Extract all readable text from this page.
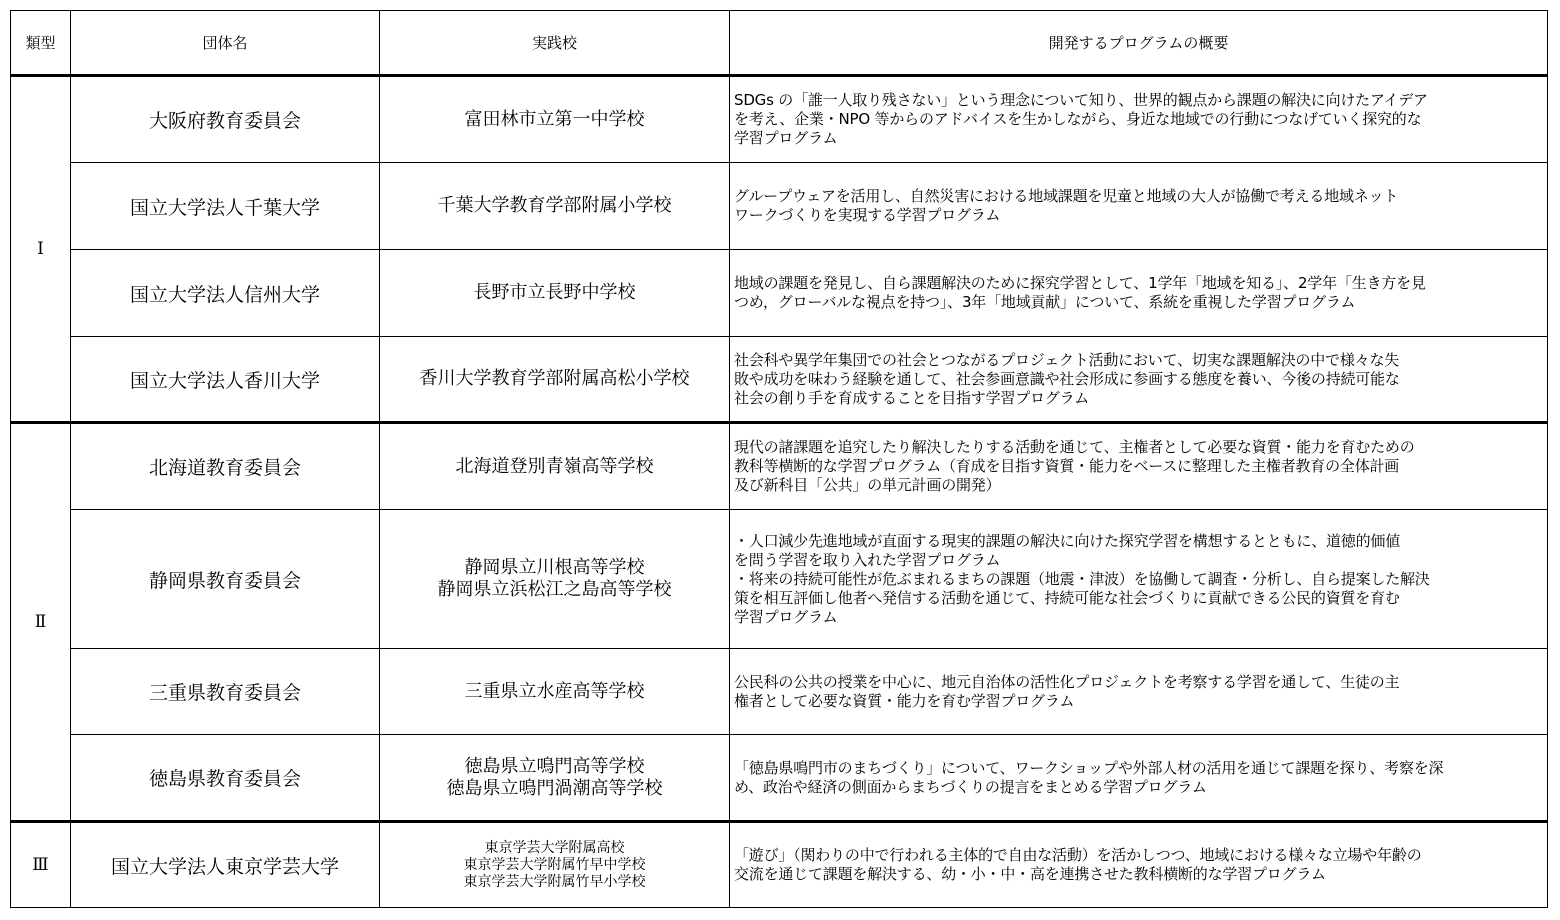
類型	団体名	実践校	開発するプログラムの概要
Ⅰ	大阪府教育委員会	富田林市立第一中学校	SDGs の「誰一人取り残さない」という理念について知り、世界的観点から課題の解決に向けたアイデア
を考え、企業・NPO 等からのアドバイスを生かしながら、身近な地域での行動につなげていく探究的な
学習プログラム

	国立大学法人千葉大学	千葉大学教育学部附属小学校	グループウェアを活用し、自然災害における地域課題を児童と地域の大人が協働で考える地域ネット
ワークづくりを実現する学習プログラム

	国立大学法人信州大学	長野市立長野中学校	地域の課題を発見し、自ら課題解決のために探究学習として、1学年「地域を知る」、2学年「生き方を見
つめ，グローバルな視点を持つ」、3年「地域貢献」について、系統を重視した学習プログラム

	国立大学法人香川大学	香川大学教育学部附属高松小学校	社会科や異学年集団での社会とつながるプロジェクト活動において、切実な課題解決の中で様々な失
敗や成功を味わう経験を通して、社会参画意識や社会形成に参画する態度を養い、今後の持続可能な
社会の創り手を育成することを目指す学習プログラム

Ⅱ	北海道教育委員会	北海道登別青嶺高等学校	現代の諸課題を追究したり解決したりする活動を通じて、主権者として必要な資質・能力を育むための
教科等横断的な学習プログラム（育成を目指す資質・能力をベースに整理した主権者教育の全体計画
及び新科目「公共」の単元計画の開発）

	静岡県教育委員会	静岡県立川根高等学校
静岡県立浜松江之島高等学校	・人口減少先進地域が直面する現実的課題の解決に向けた探究学習を構想するとともに、道徳的価値
を問う学習を取り入れた学習プログラム
・将来の持続可能性が危ぶまれるまちの課題（地震・津波）を協働して調査・分析し、自ら提案した解決
策を相互評価し他者へ発信する活動を通じて、持続可能な社会づくりに貢献できる公民的資質を育む
学習プログラム

	三重県教育委員会	三重県立水産高等学校	公民科の公共の授業を中心に、地元自治体の活性化プロジェクトを考察する学習を通して、生徒の主
権者として必要な資質・能力を育む学習プログラム

	徳島県教育委員会	徳島県立鳴門高等学校
徳島県立鳴門渦潮高等学校	「徳島県鳴門市のまちづくり」について、ワークショップや外部人材の活用を通じて課題を探り、考察を深
め、政治や経済の側面からまちづくりの提言をまとめる学習プログラム

Ⅲ	国立大学法人東京学芸大学	東京学芸大学附属高校
東京学芸大学附属竹早中学校
東京学芸大学附属竹早小学校	「遊び」（関わりの中で行われる主体的で自由な活動）を活かしつつ、地域における様々な立場や年齢の
交流を通じて課題を解決する、幼・小・中・高を連携させた教科横断的な学習プログラム
